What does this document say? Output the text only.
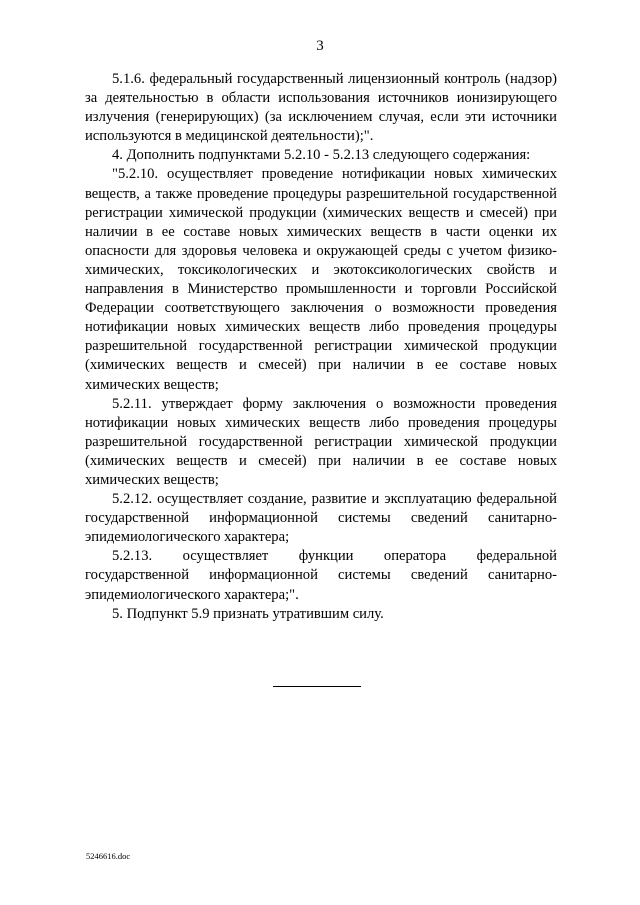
3

5.1.6. федеральный государственный лицензионный контроль (надзор) за деятельностью в области использования источников ионизирующего излучения (генерирующих) (за исключением случая, если эти источники используются в медицинской деятельности);".

4. Дополнить подпунктами 5.2.10 - 5.2.13 следующего содержания:

"5.2.10. осуществляет проведение нотификации новых химических веществ, а также проведение процедуры разрешительной государственной регистрации химической продукции (химических веществ и смесей) при наличии в ее составе новых химических веществ в части оценки их опасности для здоровья человека и окружающей среды с учетом физико-химических, токсикологических и экотоксикологических свойств и направления в Министерство промышленности и торговли Российской Федерации соответствующего заключения о возможности проведения нотификации новых химических веществ либо проведения процедуры разрешительной государственной регистрации химической продукции (химических веществ и смесей) при наличии в ее составе новых химических веществ;

5.2.11. утверждает форму заключения о возможности проведения нотификации новых химических веществ либо проведения процедуры разрешительной государственной регистрации химической продукции (химических веществ и смесей) при наличии в ее составе новых химических веществ;

5.2.12. осуществляет создание, развитие и эксплуатацию федеральной государственной информационной системы сведений санитарно-эпидемиологического характера;

5.2.13. осуществляет функции оператора федеральной государственной информационной системы сведений санитарно-эпидемиологического характера;".

5. Подпункт 5.9 признать утратившим силу.

5246616.doc
